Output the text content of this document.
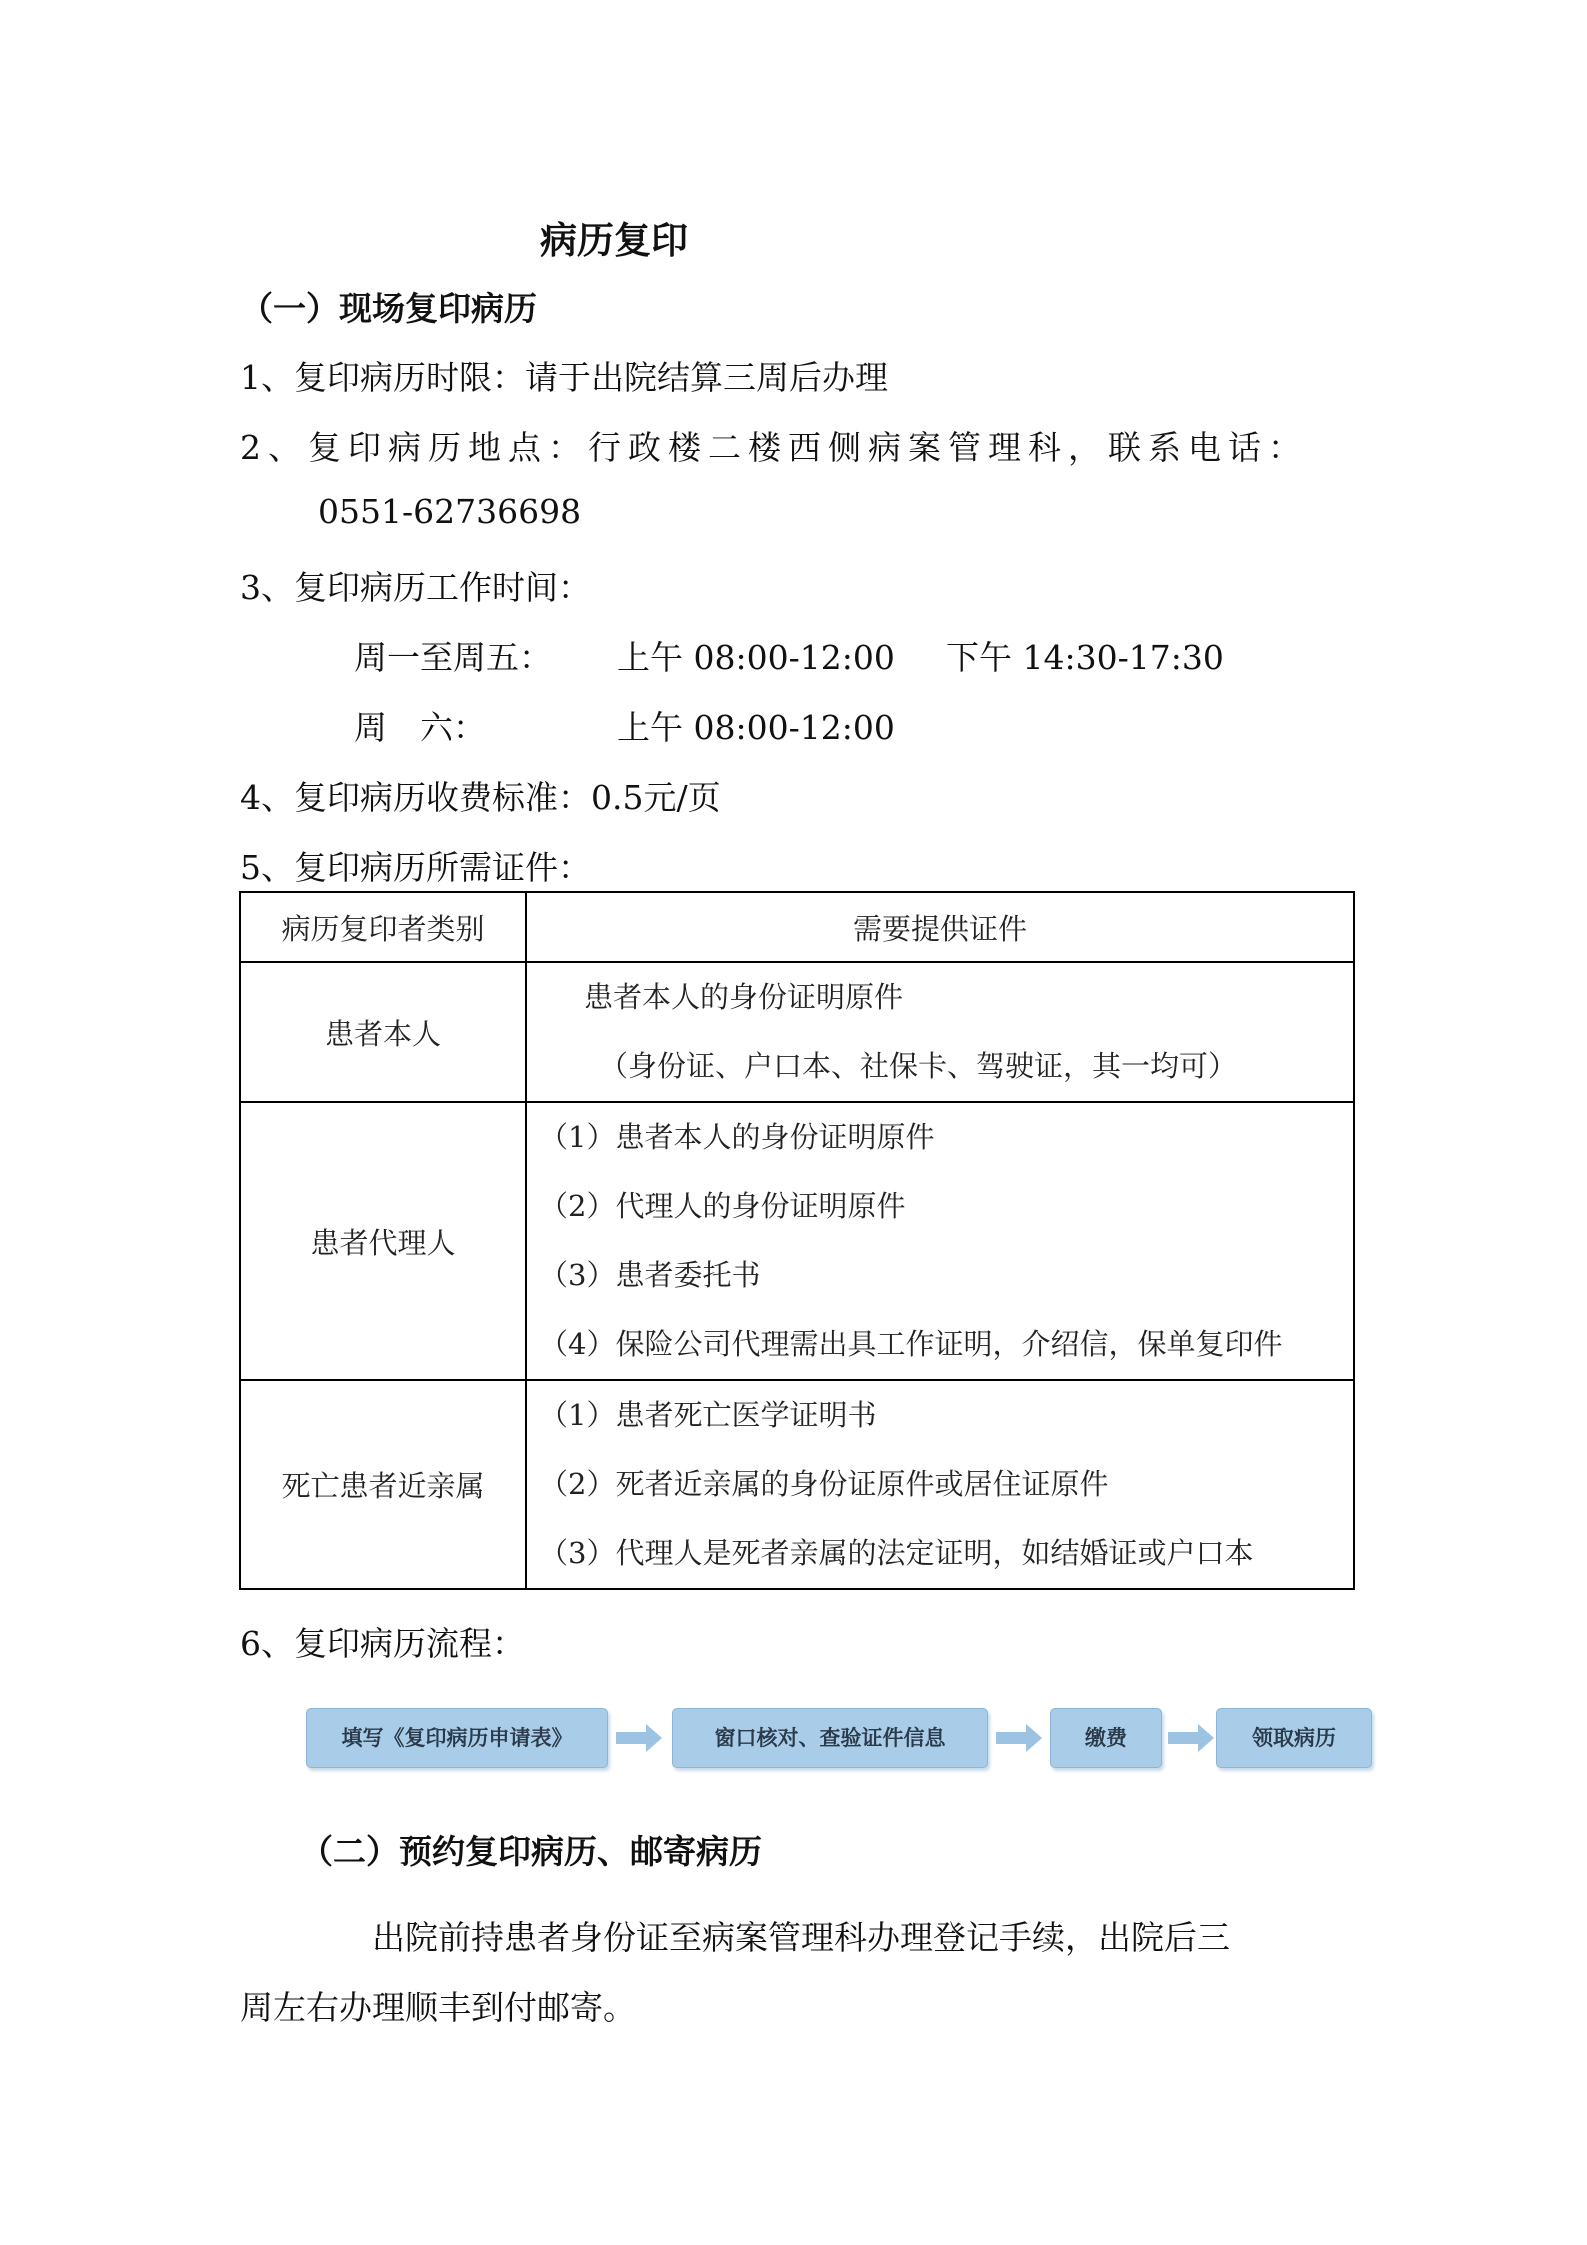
病历复印
（一）现场复印病历
1、复印病历时限：请于出院结算三周后办理
2、复印病历地点：行政楼二楼西侧病案管理科，联系电话：
0551-62736698
3、复印病历工作时间：
周一至周五： 上午 08:00-12:00 下午 14:30-17:30
周　六：	上午 08:00-12:00
4、复印病历收费标准：0.5元/页
5、复印病历所需证件：
病历复印者类别	需要提供证件
患者本人	患者本人的身份证明原件
（身份证、户口本、社保卡、驾驶证，其一均可）

患者代理人	（1）患者本人的身份证明原件
（2）代理人的身份证明原件
（3）患者委托书
（4）保险公司代理需出具工作证明，介绍信，保单复印件

死亡患者近亲属	（1）患者死亡医学证明书
（2）死者近亲属的身份证原件或居住证原件
（3）代理人是死者亲属的法定证明，如结婚证或户口本
6、复印病历流程：
填写《复印病历申请表》	窗口核对、查验证件信息	缴费	领取病历
（二）预约复印病历、邮寄病历
出院前持患者身份证至病案管理科办理登记手续，出院后三
周左右办理顺丰到付邮寄。
